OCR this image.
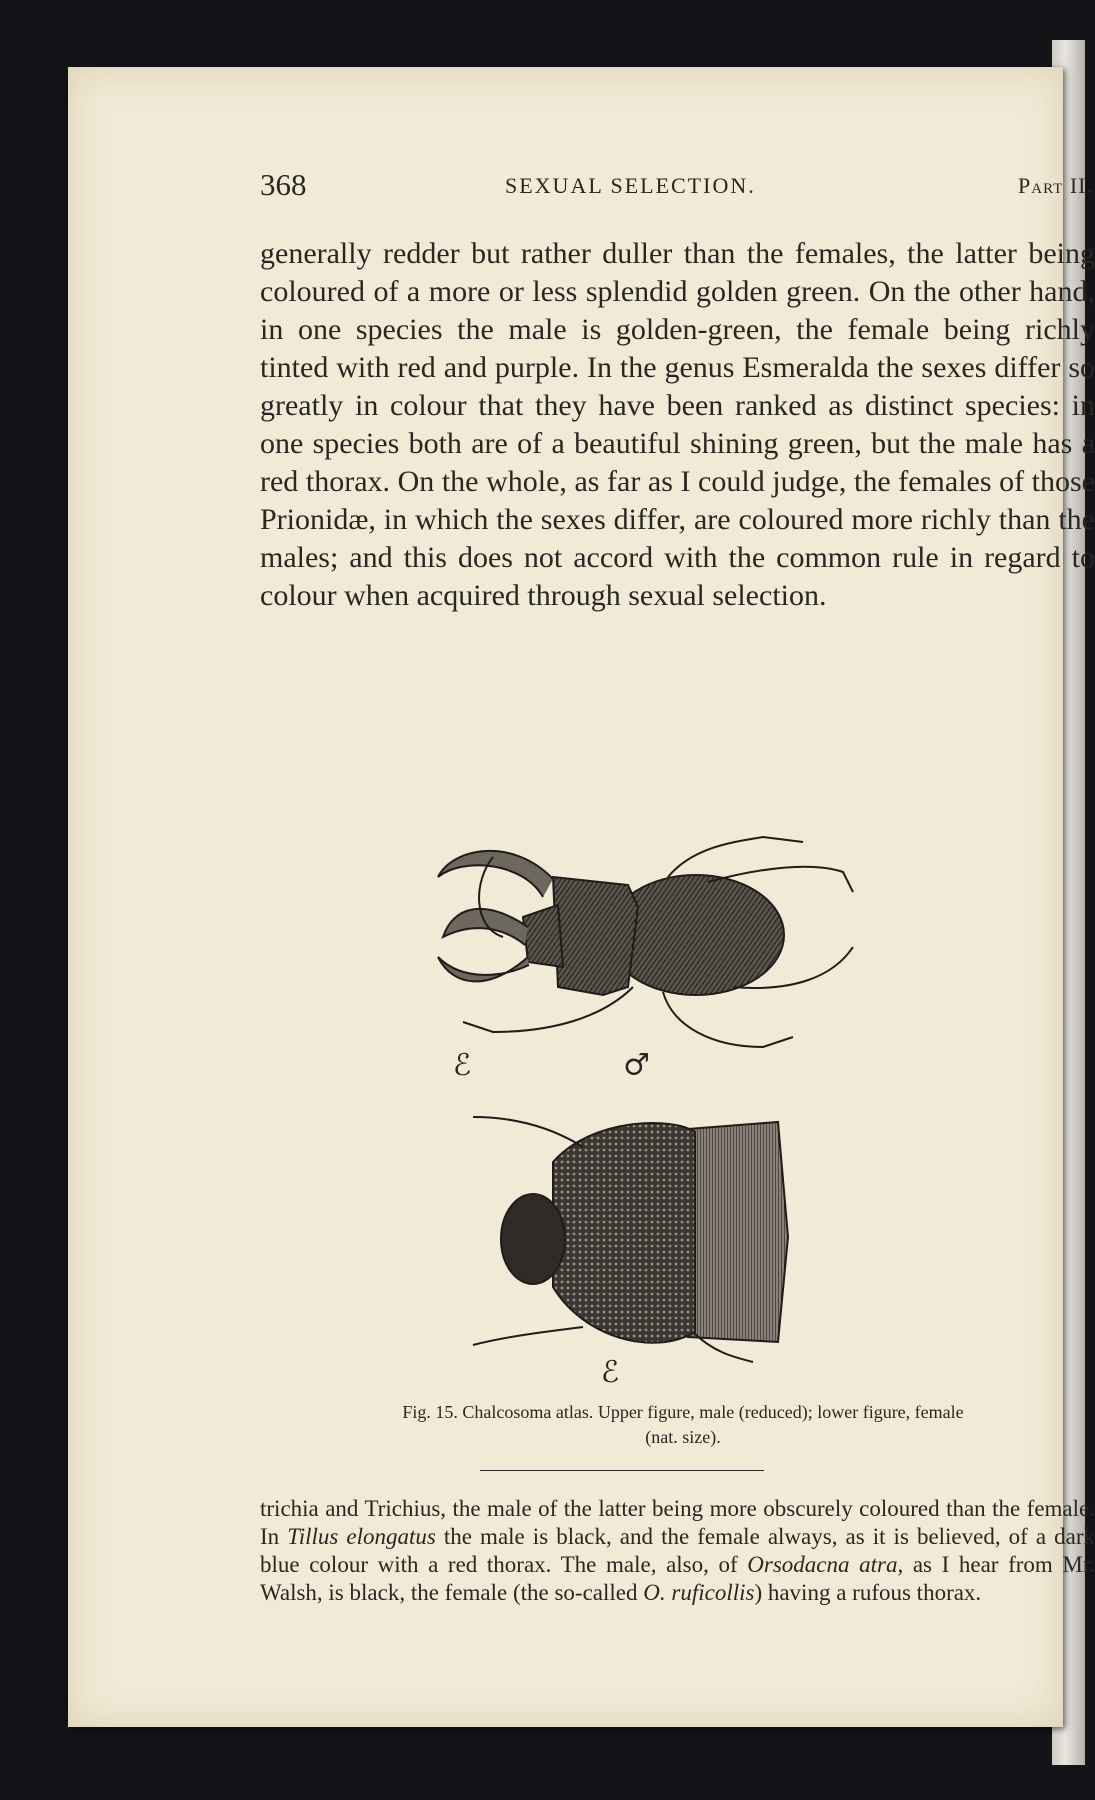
368	SEXUAL SELECTION.	Part II.

generally redder but rather duller than the females, the latter being coloured of a more or less splendid golden green. On the other hand, in one species the male is golden-green, the female being richly tinted with red and purple. In the genus Esmeralda the sexes differ so greatly in colour that they have been ranked as distinct species: in one species both are of a beautiful shining green, but the male has a red thorax. On the whole, as far as I could judge, the females of those Prionidæ, in which the sexes differ, are coloured more richly than the males; and this does not accord with the common rule in regard to colour when acquired through sexual selection.

ℰ	♂
ℰ
Fig. 15. Chalcosoma atlas. Upper figure, male (reduced); lower figure, female
(nat. size).

trichia and Trichius, the male of the latter being more obscurely coloured than the female. In Tillus elongatus the male is black, and the female always, as it is believed, of a dark blue colour with a red thorax. The male, also, of Orsodacna atra, as I hear from Mr. Walsh, is black, the female (the so-called O. ruficollis) having a rufous thorax.
